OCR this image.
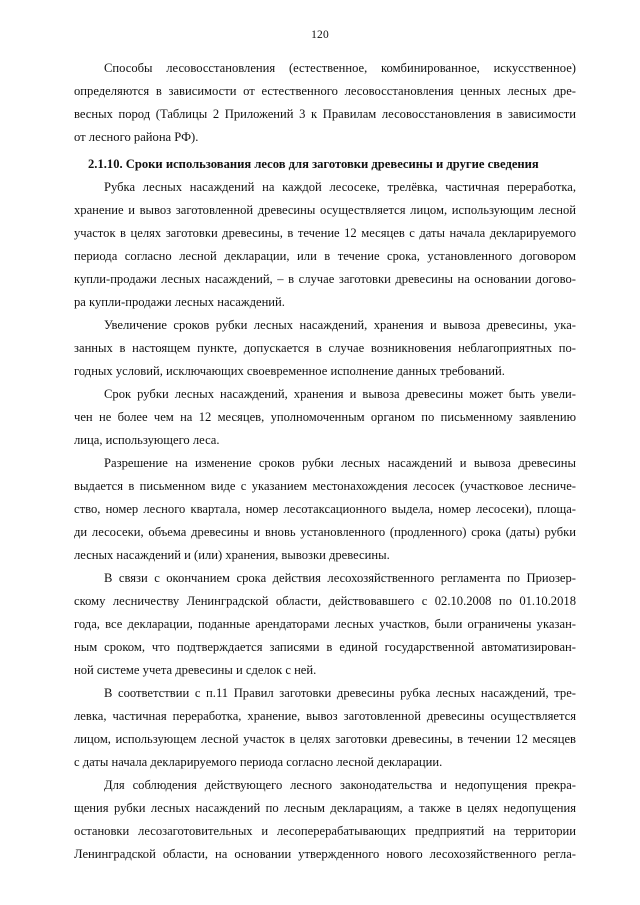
120
Способы лесовосстановления (естественное, комбинированное, искусственное)
определяются в зависимости от естественного лесовосстановления ценных лесных дре-
весных пород (Таблицы 2 Приложений 3 к Правилам лесовосстановления в зависимости
от лесного района РФ).
2.1.10. Сроки использования лесов для заготовки древесины и другие сведения
Рубка лесных насаждений на каждой лесосеке, трелёвка, частичная переработка,
хранение и вывоз заготовленной древесины осуществляется лицом, использующим лесной
участок в целях заготовки древесины, в течение 12 месяцев с даты начала декларируемого
периода согласно лесной декларации, или в течение срока, установленного договором
купли-продажи лесных насаждений, – в случае заготовки древесины на основании догово-
ра купли-продажи лесных насаждений.
Увеличение сроков рубки лесных насаждений, хранения и вывоза древесины, ука-
занных в настоящем пункте, допускается в случае возникновения неблагоприятных по-
годных условий, исключающих своевременное исполнение данных требований.
Срок рубки лесных насаждений, хранения и вывоза древесины может быть увели-
чен не более чем на 12 месяцев, уполномоченным органом по письменному заявлению
лица, использующего леса.
Разрешение на изменение сроков рубки лесных насаждений и вывоза древесины
выдается в письменном виде с указанием местонахождения лесосек (участковое лесниче-
ство, номер лесного квартала, номер лесотаксационного выдела, номер лесосеки), площа-
ди лесосеки, объема древесины и вновь установленного (продленного) срока (даты) рубки
лесных насаждений и (или) хранения, вывозки древесины.
В связи с окончанием срока действия лесохозяйственного регламента по Приозер-
скому лесничеству Ленинградской области, действовавшего с 02.10.2008 по 01.10.2018
года, все декларации, поданные арендаторами лесных участков, были ограничены указан-
ным сроком, что подтверждается записями в единой государственной автоматизирован-
ной системе учета древесины и сделок с ней.
В соответствии с п.11 Правил заготовки древесины рубка лесных насаждений, тре-
левка, частичная переработка, хранение, вывоз заготовленной древесины осуществляется
лицом, использующем лесной участок в целях заготовки древесины, в течении 12 месяцев
с даты начала декларируемого периода согласно лесной декларации.
Для соблюдения действующего лесного законодательства и недопущения прекра-
щения рубки лесных насаждений по лесным декларациям, а также в целях недопущения
остановки лесозаготовительных и лесоперерабатывающих предприятий на территории
Ленинградской области, на основании утвержденного нового лесохозяйственного регла-
